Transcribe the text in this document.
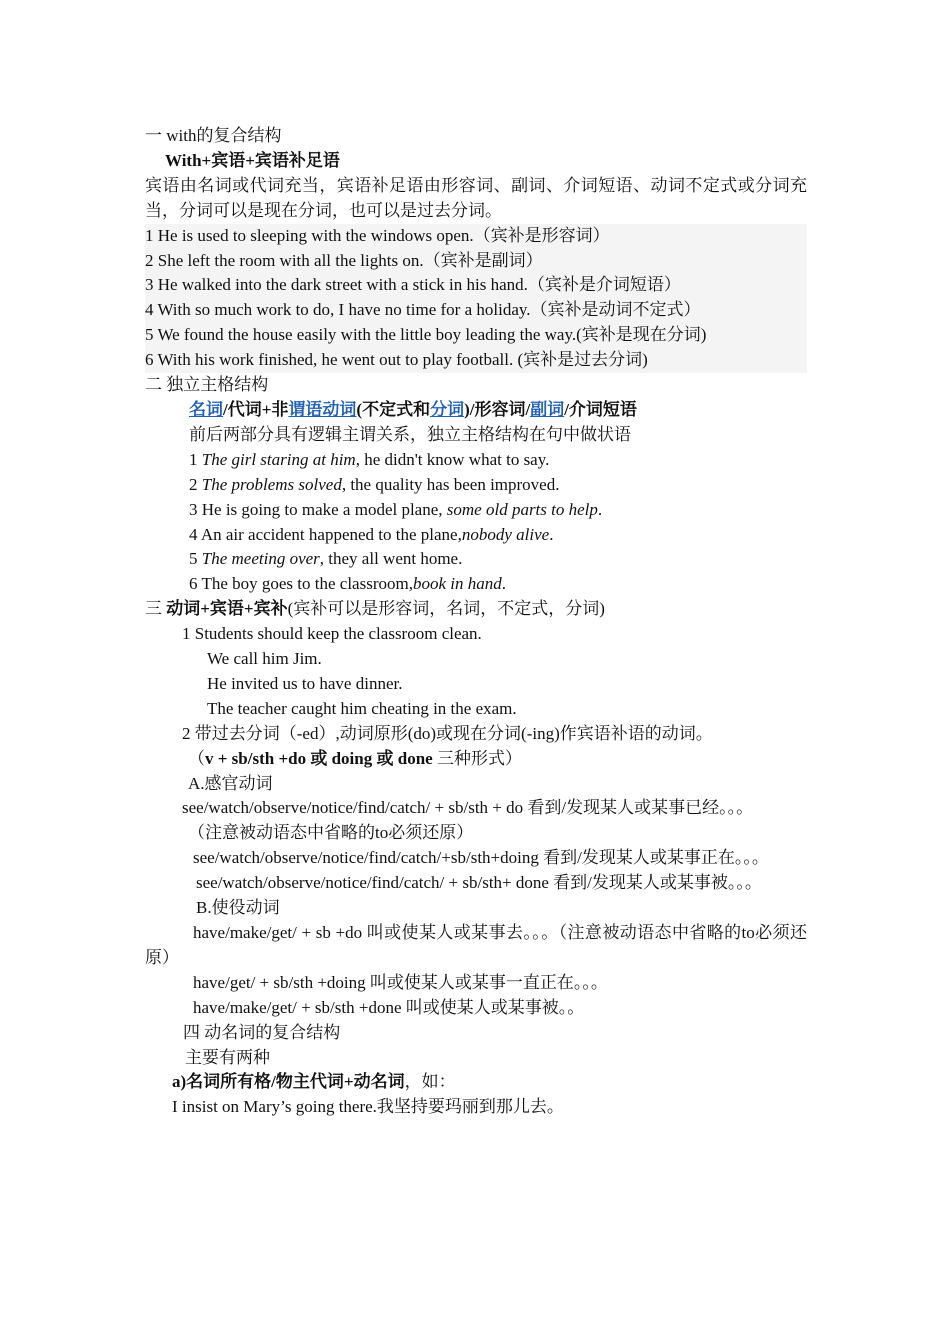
一 with的复合结构
With+宾语+宾语补足语
宾语由名词或代词充当，宾语补足语由形容词、副词、介词短语、动词不定式或分词充当，分词可以是现在分词，也可以是过去分词。
1 He is used to sleeping with the windows open.（宾补是形容词）
2 She left the room with all the lights on.（宾补是副词）
3 He walked into the dark street with a stick in his hand.（宾补是介词短语）
4 With so much work to do, I have no time for a holiday.（宾补是动词不定式）
5 We found the house easily with the little boy leading the way.(宾补是现在分词)
6 With his work finished, he went out to play football. (宾补是过去分词)
二 独立主格结构
名词/代词+非谓语动词(不定式和分词)/形容词/副词/介词短语
前后两部分具有逻辑主谓关系，独立主格结构在句中做状语
1 The girl staring at him, he didn't know what to say.
2 The problems solved, the quality has been improved.
3 He is going to make a model plane, some old parts to help.
4 An air accident happened to the plane,nobody alive.
5 The meeting over, they all went home.
6 The boy goes to the classroom,book in hand.
三 动词+宾语+宾补(宾补可以是形容词，名词，不定式，分词)
1 Students should keep the classroom clean.
We call him Jim.
He invited us to have dinner.
The teacher caught him cheating in the exam.
2 带过去分词（-ed）,动词原形(do)或现在分词(-ing)作宾语补语的动词。
（v + sb/sth +do 或 doing 或 done 三种形式）
A.感官动词
see/watch/observe/notice/find/catch/ + sb/sth + do 看到/发现某人或某事已经。。。
（注意被动语态中省略的to必须还原）
see/watch/observe/notice/find/catch/+sb/sth+doing 看到/发现某人或某事正在。。。
see/watch/observe/notice/find/catch/ + sb/sth+ done 看到/发现某人或某事被。。。
B.使役动词
have/make/get/ + sb +do 叫或使某人或某事去。。。（注意被动语态中省略的to必须还原）
have/get/ + sb/sth +doing 叫或使某人或某事一直正在。。。
have/make/get/ + sb/sth +done 叫或使某人或某事被。。
四 动名词的复合结构
主要有两种
a)名词所有格/物主代词+动名词，如：
I insist on Mary’s going there.我坚持要玛丽到那儿去。
